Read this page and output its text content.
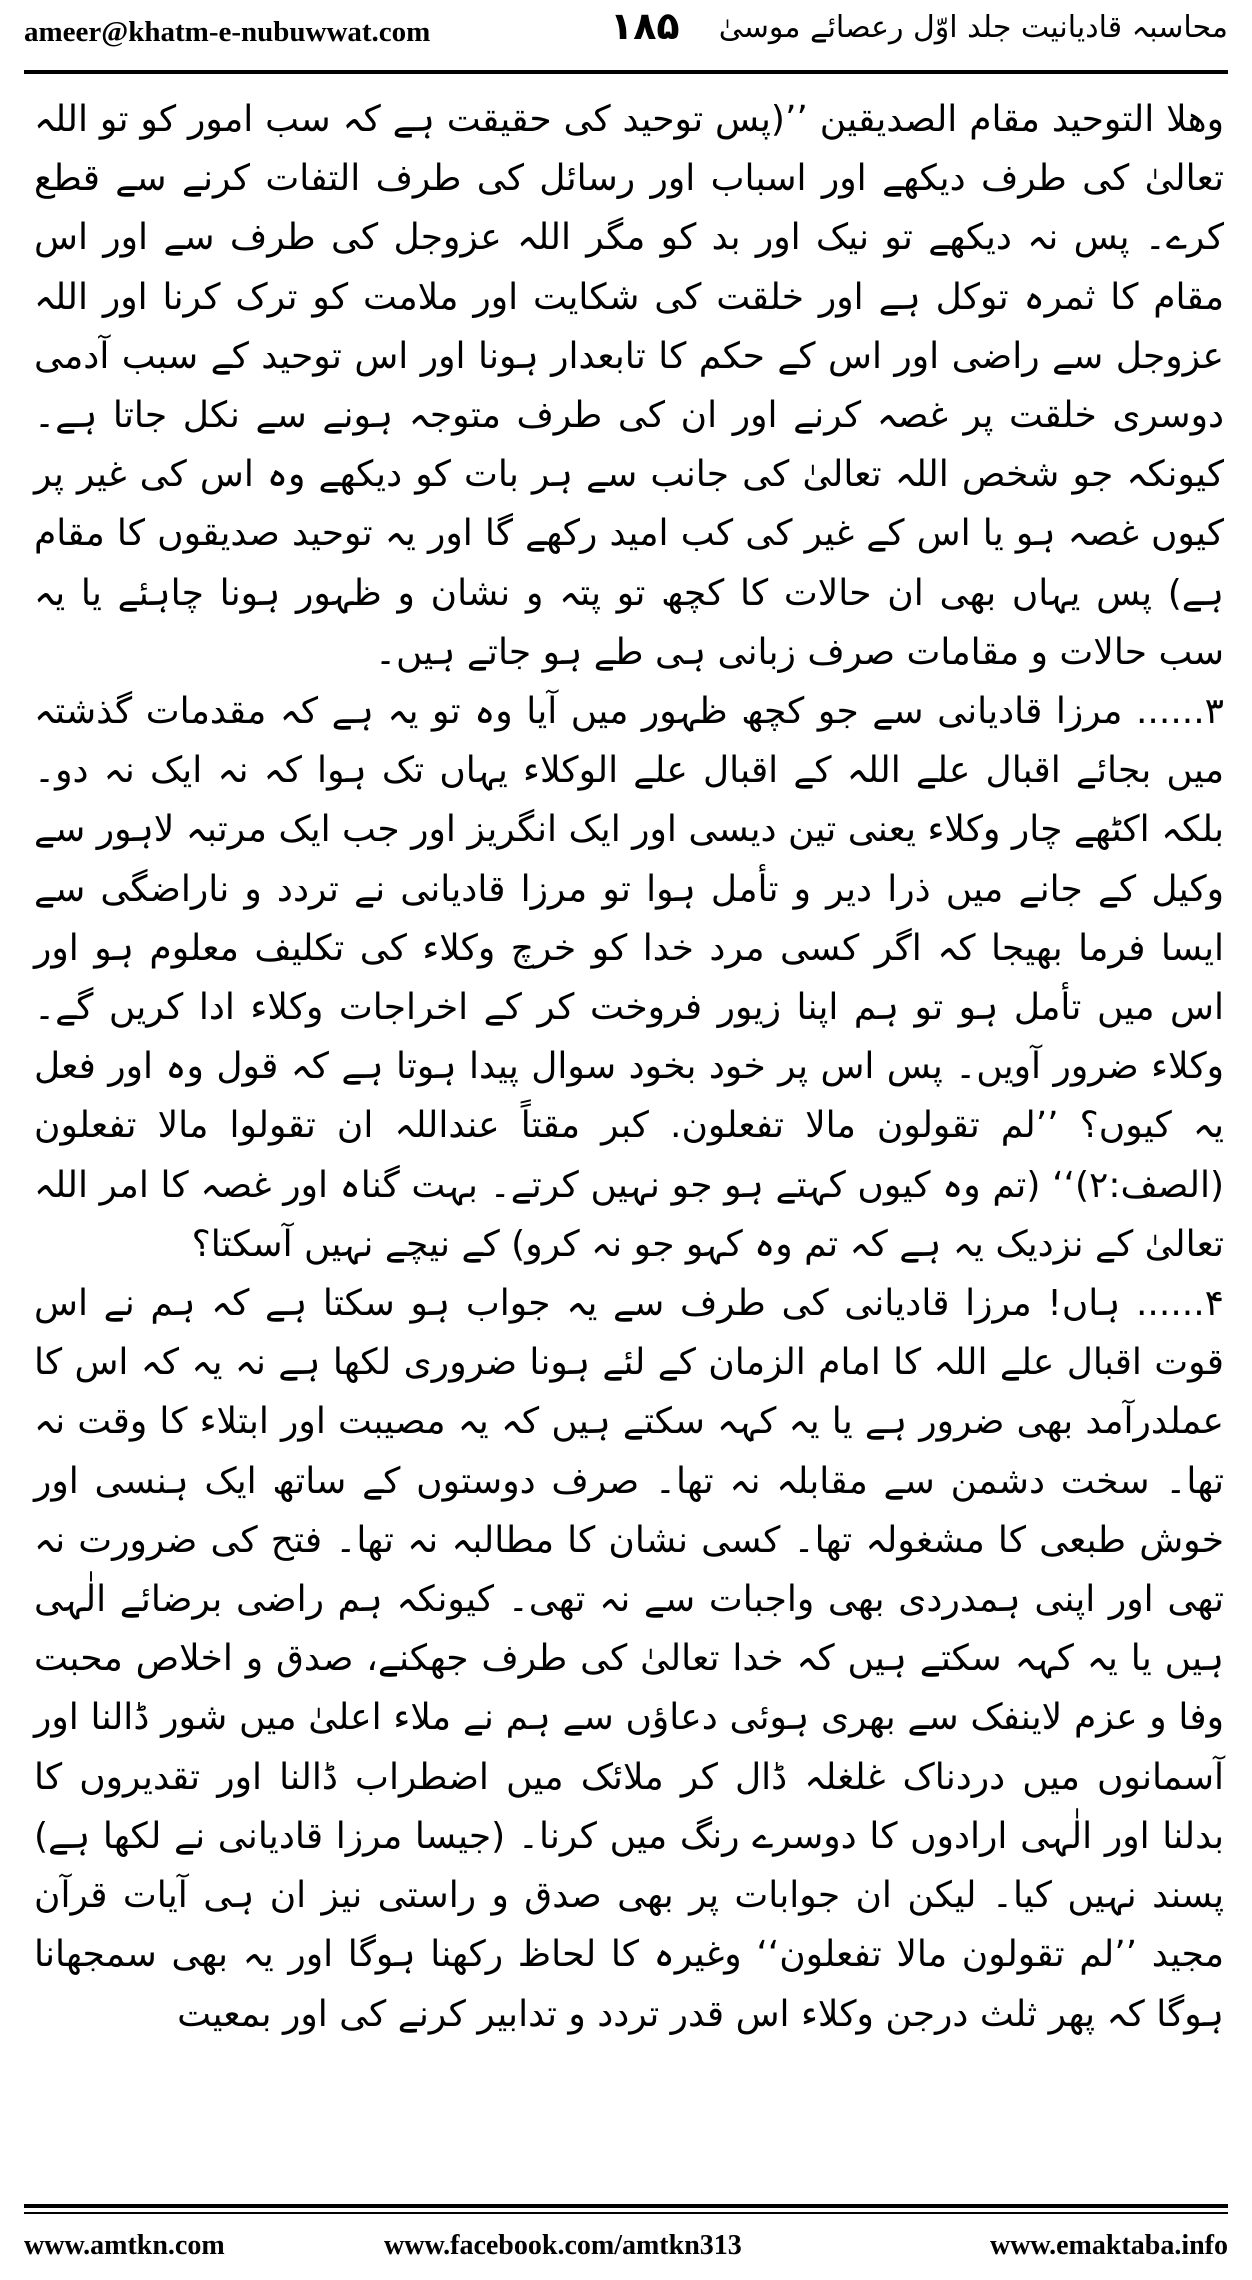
ameer@khatm-e-nubuwwat.com	۱۸۵ محاسبہ قادیانیت جلد اوّل رعصائے موسیٰ

وھلا التوحید مقام الصدیقین ’’(پس توحید کی حقیقت ہے کہ سب امور کو تو اللہ تعالیٰ کی طرف دیکھے اور اسباب اور رسائل کی طرف التفات کرنے سے قطع کرے۔ پس نہ دیکھے تو نیک اور بد کو مگر اللہ عزوجل کی طرف سے اور اس مقام کا ثمرہ توکل ہے اور خلقت کی شکایت اور ملامت کو ترک کرنا اور اللہ عزوجل سے راضی اور اس کے حکم کا تابعدار ہونا اور اس توحید کے سبب آدمی دوسری خلقت پر غصہ کرنے اور ان کی طرف متوجہ ہونے سے نکل جاتا ہے۔ کیونکہ جو شخص اللہ تعالیٰ کی جانب سے ہر بات کو دیکھے وہ اس کی غیر پر کیوں غصہ ہو یا اس کے غیر کی کب امید رکھے گا اور یہ توحید صدیقوں کا مقام ہے) پس یہاں بھی ان حالات کا کچھ تو پتہ و نشان و ظہور ہونا چاہئے یا یہ سب حالات و مقامات صرف زبانی ہی طے ہو جاتے ہیں۔

۳...... مرزا قادیانی سے جو کچھ ظہور میں آیا وہ تو یہ ہے کہ مقدمات گذشتہ میں بجائے اقبال علے اللہ کے اقبال علے الوکلاء یہاں تک ہوا کہ نہ ایک نہ دو۔ بلکہ اکٹھے چار وکلاء یعنی تین دیسی اور ایک انگریز اور جب ایک مرتبہ لاہور سے وکیل کے جانے میں ذرا دیر و تأمل ہوا تو مرزا قادیانی نے تردد و ناراضگی سے ایسا فرما بھیجا کہ اگر کسی مرد خدا کو خرچ وکلاء کی تکلیف معلوم ہو اور اس میں تأمل ہو تو ہم اپنا زیور فروخت کر کے اخراجات وکلاء ادا کریں گے۔ وکلاء ضرور آویں۔ پس اس پر خود بخود سوال پیدا ہوتا ہے کہ قول وہ اور فعل یہ کیوں؟ ’’لم تقولون مالا تفعلون. کبر مقتاً عنداللہ ان تقولوا مالا تفعلون (الصف:۲)‘‘ (تم وہ کیوں کہتے ہو جو نہیں کرتے۔ بہت گناہ اور غصہ کا امر اللہ تعالیٰ کے نزدیک یہ ہے کہ تم وہ کہو جو نہ کرو) کے نیچے نہیں آسکتا؟

۴...... ہاں! مرزا قادیانی کی طرف سے یہ جواب ہو سکتا ہے کہ ہم نے اس قوت اقبال علے اللہ کا امام الزمان کے لئے ہونا ضروری لکھا ہے نہ یہ کہ اس کا عملدرآمد بھی ضرور ہے یا یہ کہہ سکتے ہیں کہ یہ مصیبت اور ابتلاء کا وقت نہ تھا۔ سخت دشمن سے مقابلہ نہ تھا۔ صرف دوستوں کے ساتھ ایک ہنسی اور خوش طبعی کا مشغولہ تھا۔ کسی نشان کا مطالبہ نہ تھا۔ فتح کی ضرورت نہ تھی اور اپنی ہمدردی بھی واجبات سے نہ تھی۔ کیونکہ ہم راضی برضائے الٰہی ہیں یا یہ کہہ سکتے ہیں کہ خدا تعالیٰ کی طرف جھکنے، صدق و اخلاص محبت وفا و عزم لاینفک سے بھری ہوئی دعاؤں سے ہم نے ملاء اعلیٰ میں شور ڈالنا اور آسمانوں میں دردناک غلغلہ ڈال کر ملائک میں اضطراب ڈالنا اور تقدیروں کا بدلنا اور الٰہی ارادوں کا دوسرے رنگ میں کرنا۔ (جیسا مرزا قادیانی نے لکھا ہے) پسند نہیں کیا۔ لیکن ان جوابات پر بھی صدق و راستی نیز ان ہی آیات قرآن مجید ’’لم تقولون مالا تفعلون‘‘ وغیرہ کا لحاظ رکھنا ہوگا اور یہ بھی سمجھانا ہوگا کہ پھر ثلث درجن وکلاء اس قدر تردد و تدابیر کرنے کی اور بمعیت

www.amtkn.com	www.facebook.com/amtkn313	www.emaktaba.info
